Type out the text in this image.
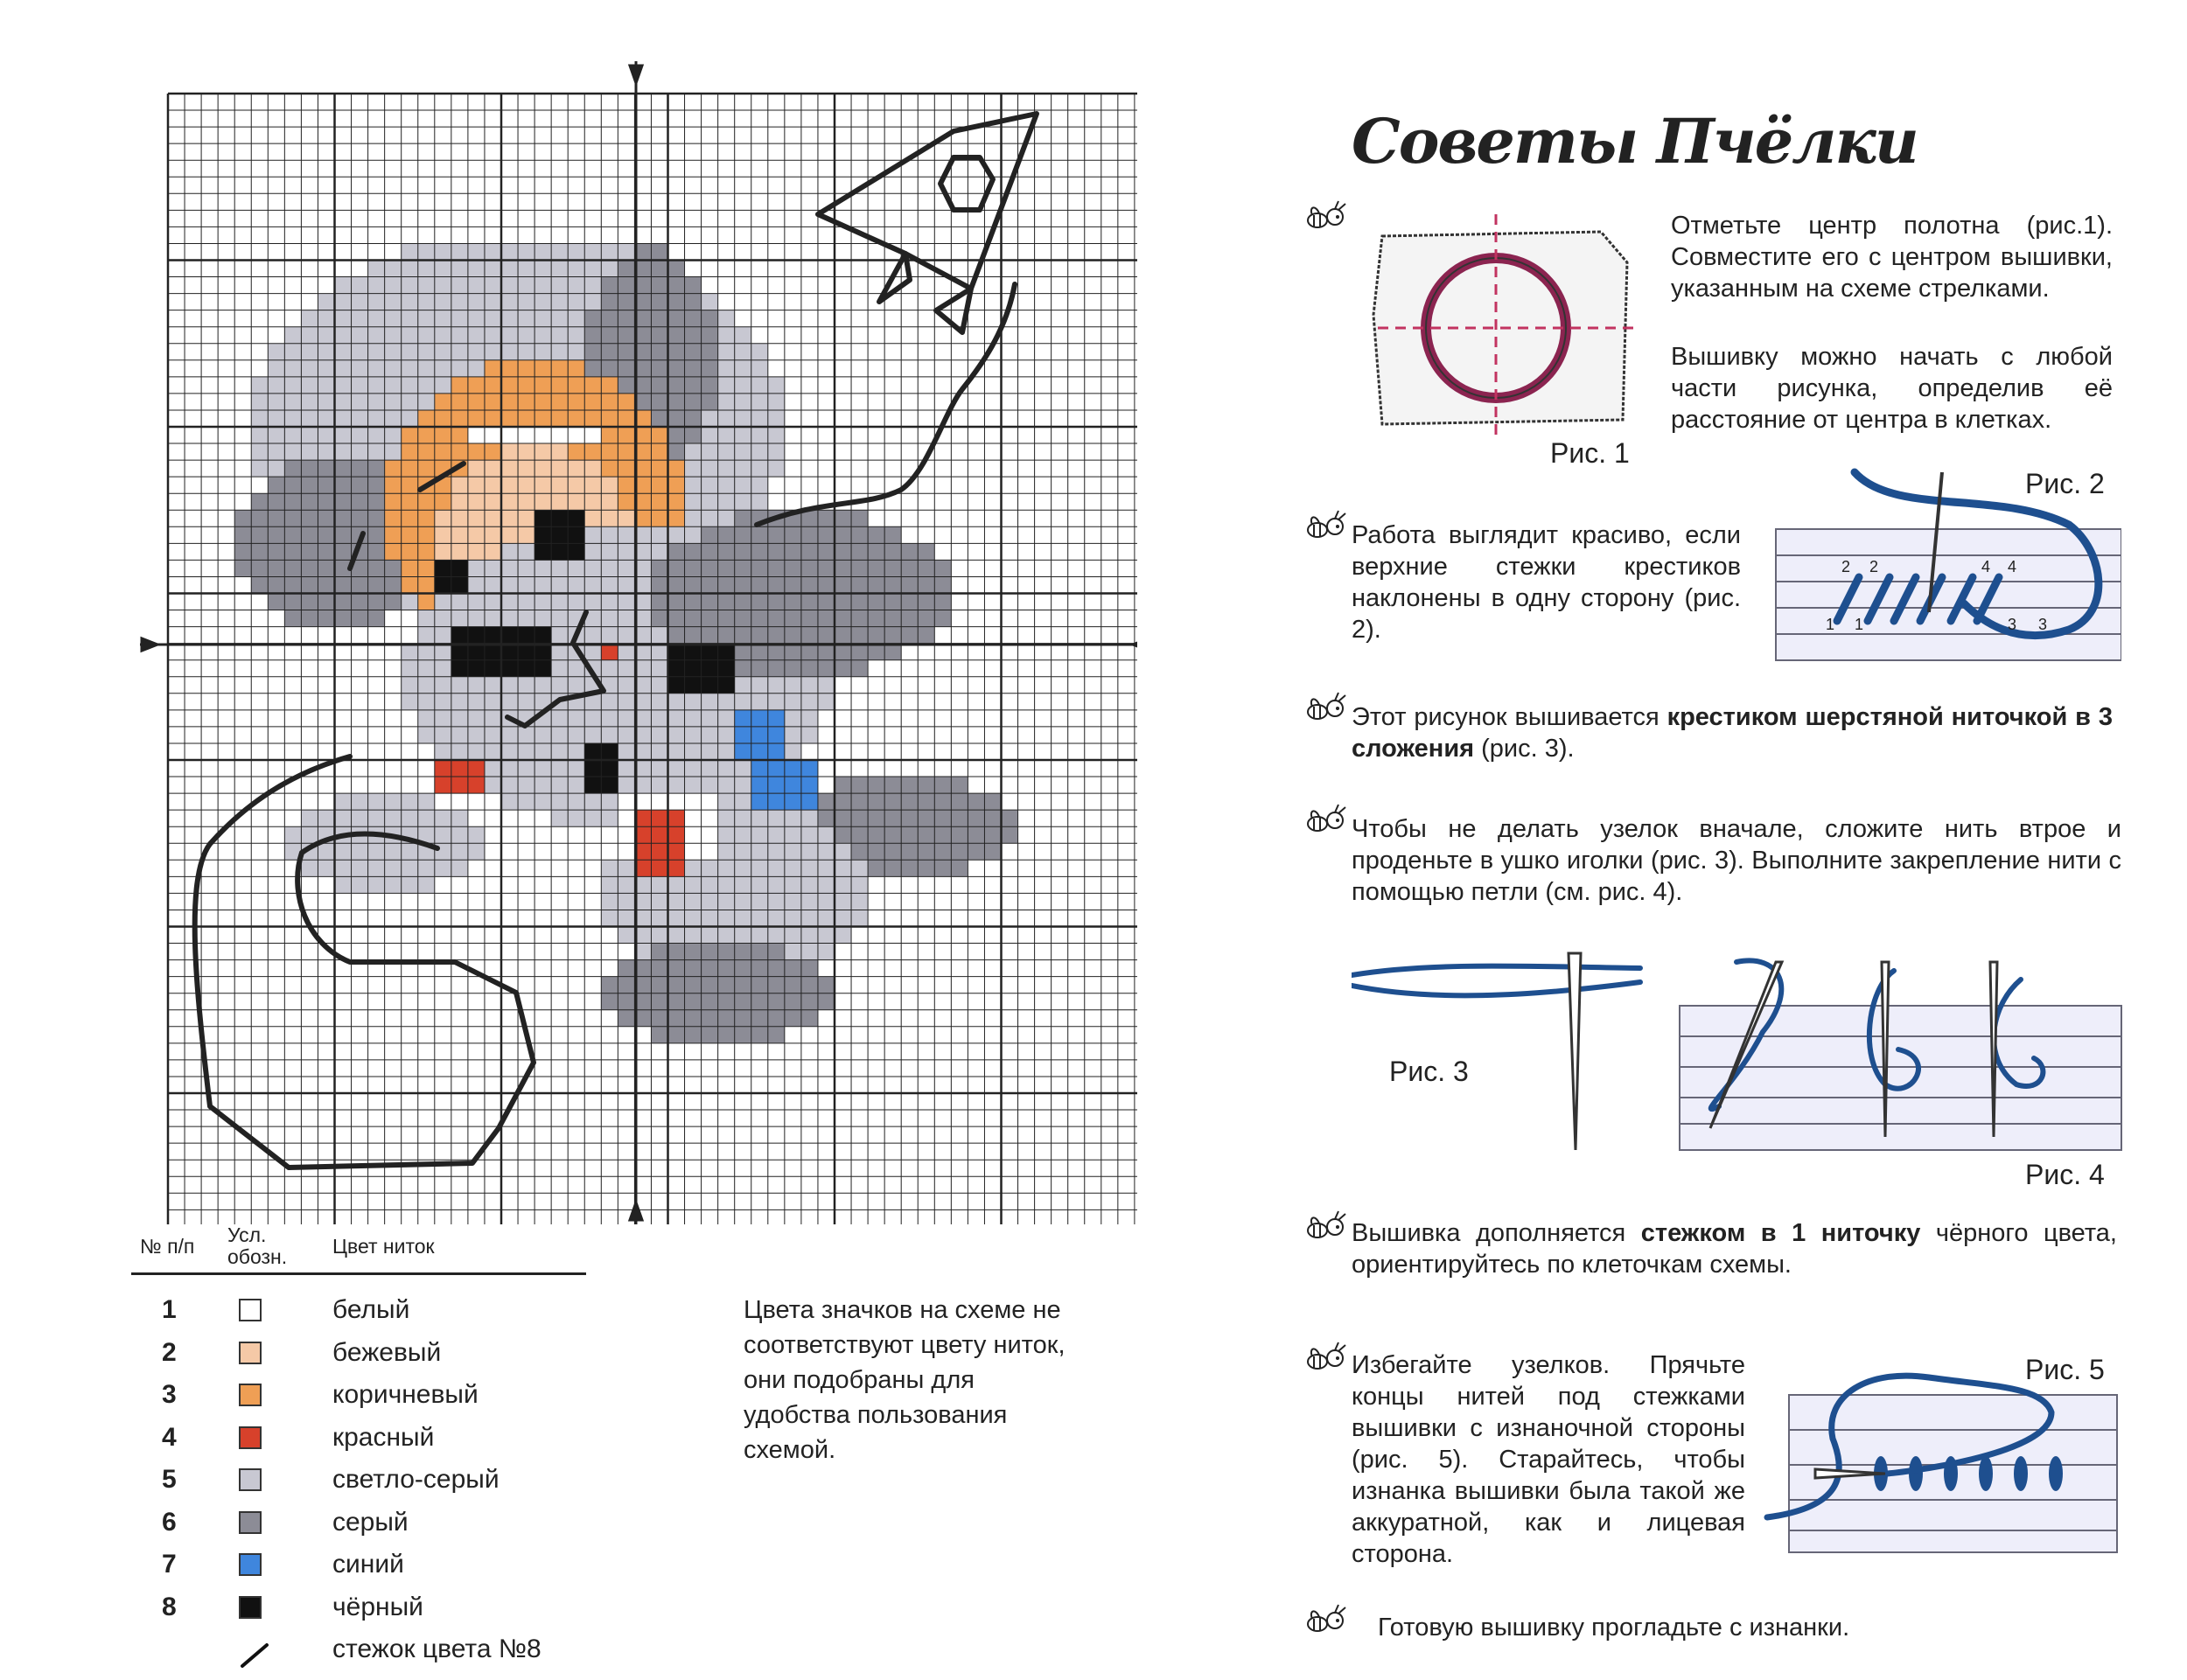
№ п/п Усл.
обозн. Цвет ниток
1	белый
2	бежевый
3	коричневый
4	красный
5	светло-серый
6	серый
7	синий
8	чёрный
стежок цвета №8
Цвета значков на схеме не соответствуют цвету ниток, они подобраны для удобства пользования схемой.
Советы Пчёлки
Отметьте центр полотна (рис.1). Совместите его с центром вышивки, указанным на схеме стрелками.
Вышивку можно начать с любой части рисунка, определив её расстояние от центра в клетках.
Рис. 1
Работа выглядит красиво, если верхние стежки крестиков наклонены в одну сторону (рис. 2).
2 2	4 4
1 1	3 3
Рис. 2
Этот рисунок вышивается крестиком шерстяной ниточкой в 3 сложения (рис. 3).
Чтобы не делать узелок вначале, сложите нить втрое и проденьте в ушко иголки (рис. 3). Выполните закрепление нити с помощью петли (см. рис. 4).
Рис. 3
Рис. 4
Вышивка дополняется стежком в 1 ниточку чёрного цвета, ориентируйтесь по клеточкам схемы.
Избегайте узелков. Прячьте концы нитей под стежками вышивки с изнаночной стороны (рис. 5). Старайтесь, чтобы изнанка вышивки была такой же аккуратной, как и лицевая сторона.
Рис. 5
Готовую вышивку прогладьте с изнанки.
